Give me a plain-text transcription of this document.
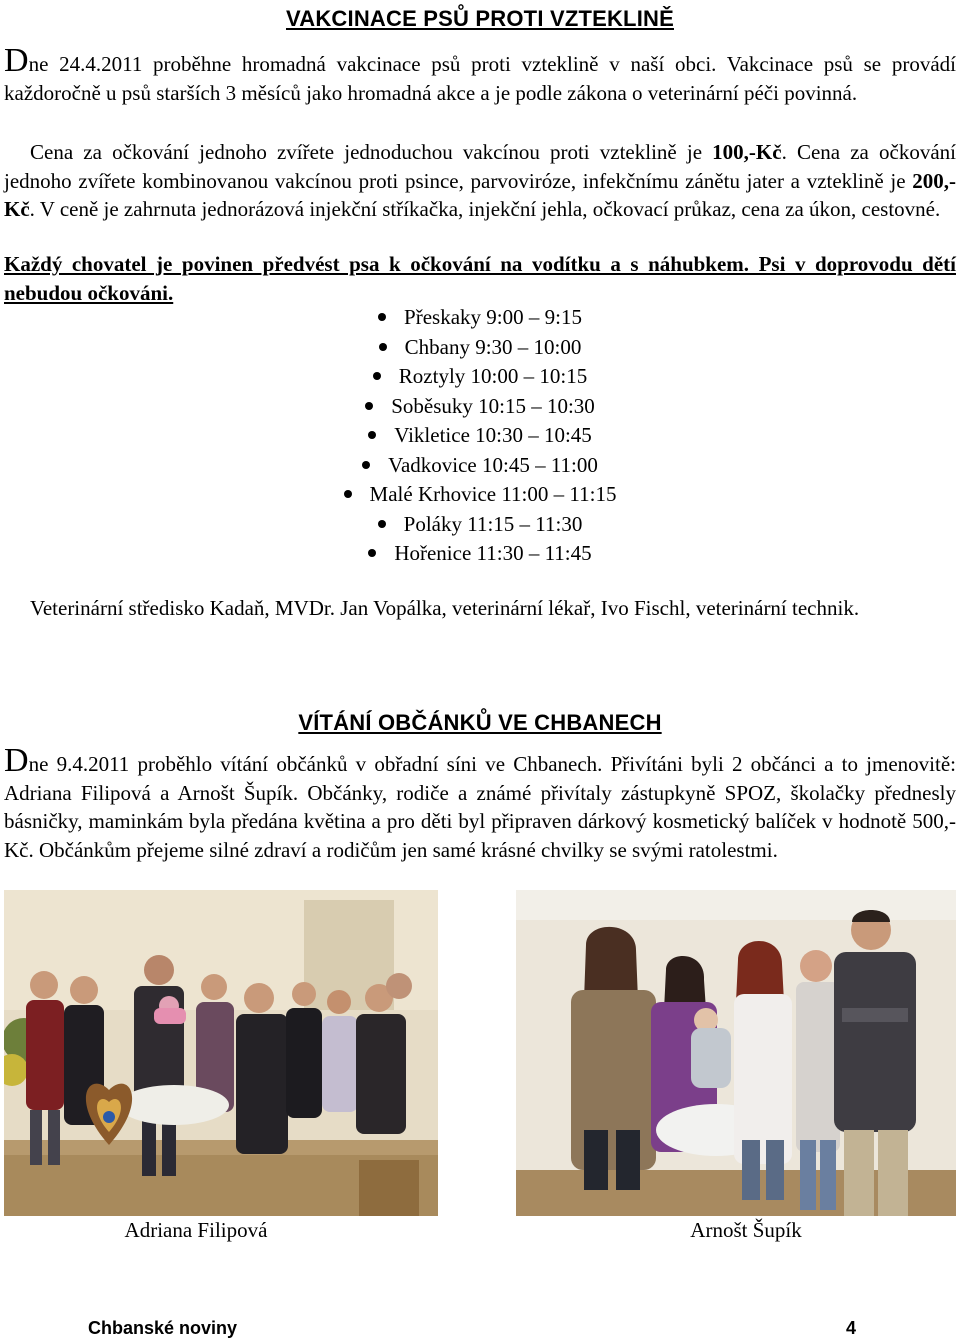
VAKCINACE PSŮ PROTI VZTEKLINĚ
Dne 24.4.2011 proběhne hromadná vakcinace psů proti vzteklině v naší obci. Vakcinace psů se provádí každoročně u psů starších 3 měsíců jako hromadná akce a je podle zákona o veterinární péči povinná.
Cena za očkování jednoho zvířete jednoduchou vakcínou proti vzteklině je 100,-Kč. Cena za očkování jednoho zvířete kombinovanou vakcínou proti psince, parvoviróze, infekčnímu zánětu jater a vzteklině je 200,-Kč. V ceně je zahrnuta jednorázová injekční stříkačka, injekční jehla, očkovací průkaz, cena za úkon, cestovné.
Každý chovatel je povinen předvést psa k očkování na vodítku a s náhubkem. Psi v doprovodu dětí nebudou očkováni.
Přeskaky 9:00 – 9:15
Chbany 9:30 – 10:00
Roztyly 10:00 – 10:15
Soběsuky 10:15 – 10:30
Vikletice 10:30 – 10:45
Vadkovice 10:45 – 11:00
Malé Krhovice 11:00 – 11:15
Poláky 11:15 – 11:30
Hořenice 11:30 – 11:45
Veterinární středisko Kadaň, MVDr. Jan Vopálka, veterinární lékař, Ivo Fischl, veterinární technik.
VÍTÁNÍ OBČÁNKŮ VE CHBANECH
Dne 9.4.2011 proběhlo vítání občánků v obřadní síni ve Chbanech. Přivítáni byli 2 občánci a to jmenovitě: Adriana Filipová a Arnošt Šupík. Občánky, rodiče a známé přivítaly zástupkyně SPOZ, školačky přednesly básničky, maminkám byla předána květina a pro děti byl připraven dárkový kosmetický balíček v hodnotě 500,-Kč. Občánkům přejeme silné zdraví a rodičům jen samé krásné chvilky se svými ratolestmi.
Adriana Filipová	Arnošt Šupík
Chbanské noviny	4
